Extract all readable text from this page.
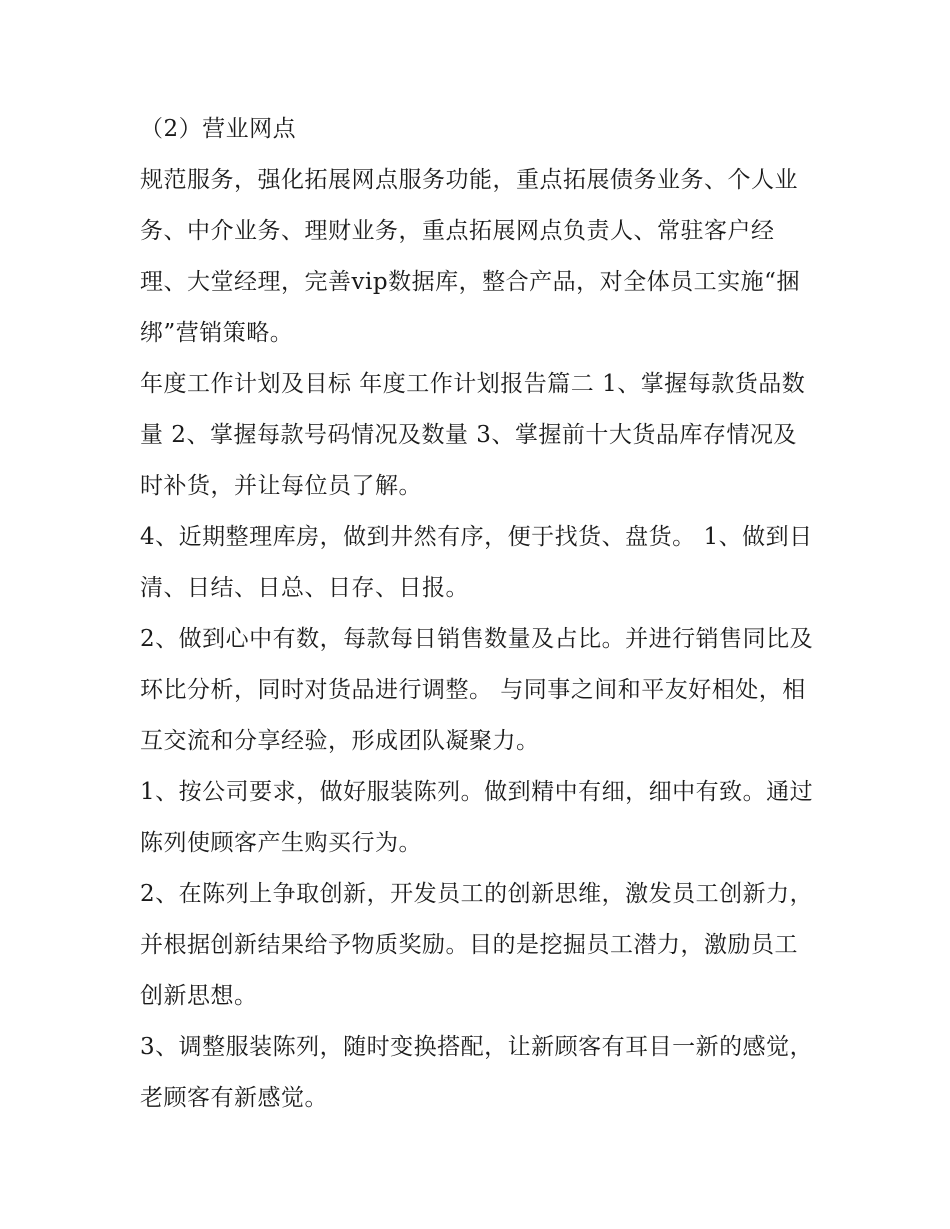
（2）营业网点

规范服务，强化拓展网点服务功能，重点拓展债务业务、个人业务、中介业务、理财业务，重点拓展网点负责人、常驻客户经理、大堂经理，完善vip数据库，整合产品，对全体员工实施“捆绑”营销策略。

年度工作计划及目标 年度工作计划报告篇二 1、掌握每款货品数量 2、掌握每款号码情况及数量 3、掌握前十大货品库存情况及时补货，并让每位员了解。

4、近期整理库房，做到井然有序，便于找货、盘货。 1、做到日清、日结、日总、日存、日报。

2、做到心中有数，每款每日销售数量及占比。并进行销售同比及环比分析，同时对货品进行调整。 与同事之间和平友好相处，相互交流和分享经验，形成团队凝聚力。

1、按公司要求，做好服装陈列。做到精中有细，细中有致。通过陈列使顾客产生购买行为。

2、在陈列上争取创新，开发员工的创新思维，激发员工创新力，并根据创新结果给予物质奖励。目的是挖掘员工潜力，激励员工创新思想。

3、调整服装陈列，随时变换搭配，让新顾客有耳目一新的感觉，老顾客有新感觉。
